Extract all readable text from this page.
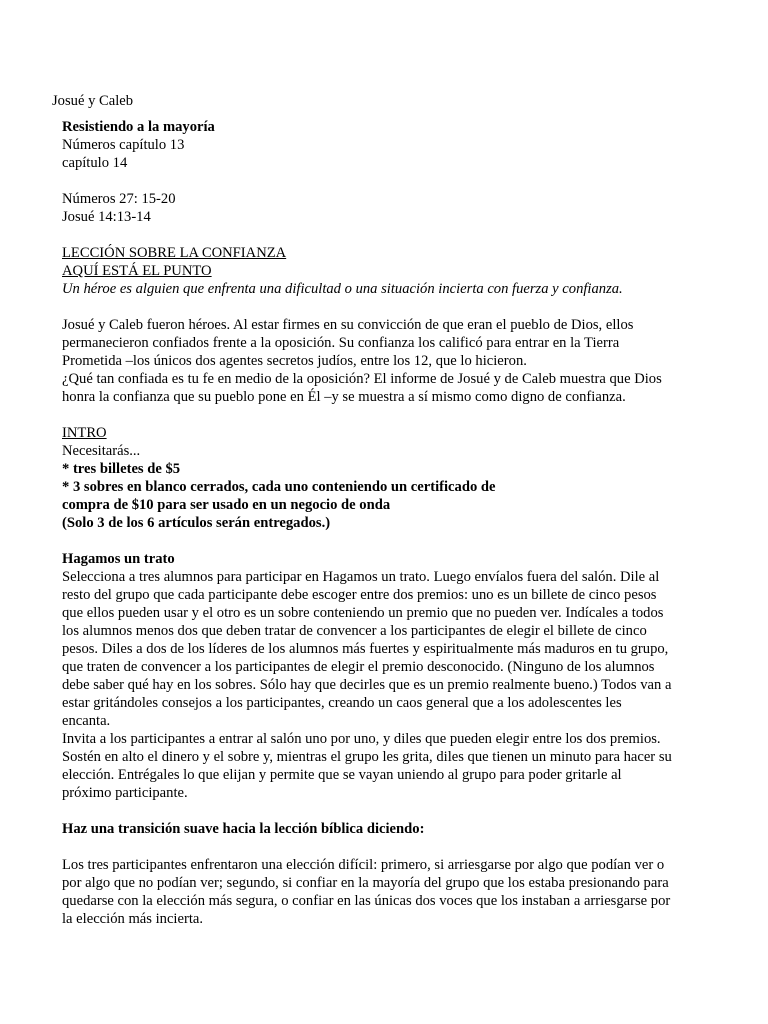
Josué y Caleb

Resistiendo a la mayoría
Números capítulo 13
capítulo 14
Números 27: 15-20
Josué 14:13-14
LECCIÓN SOBRE LA CONFIANZA
AQUÍ ESTÁ EL PUNTO
Un héroe es alguien que enfrenta una dificultad o una situación incierta con fuerza y confianza.
Josué y Caleb fueron héroes. Al estar firmes en su convicción de que eran el pueblo de Dios, ellos
permanecieron confiados frente a la oposición. Su confianza los calificó para entrar en la Tierra
Prometida –los únicos dos agentes secretos judíos, entre los 12, que lo hicieron.
¿Qué tan confiada es tu fe en medio de la oposición? El informe de Josué y de Caleb muestra que Dios
honra la confianza que su pueblo pone en Él –y se muestra a sí mismo como digno de confianza.
INTRO
Necesitarás...
* tres billetes de $5
* 3 sobres en blanco cerrados, cada uno conteniendo un certificado de
compra de $10 para ser usado en un negocio de onda
(Solo 3 de los 6 artículos serán entregados.)
Hagamos un trato
Selecciona a tres alumnos para participar en Hagamos un trato. Luego envíalos fuera del salón. Dile al
resto del grupo que cada participante debe escoger entre dos premios: uno es un billete de cinco pesos
que ellos pueden usar y el otro es un sobre conteniendo un premio que no pueden ver. Indícales a todos
los alumnos menos dos que deben tratar de convencer a los participantes de elegir el billete de cinco
pesos. Diles a dos de los líderes de los alumnos más fuertes y espiritualmente más maduros en tu grupo,
que traten de convencer a los participantes de elegir el premio desconocido. (Ninguno de los alumnos
debe saber qué hay en los sobres. Sólo hay que decirles que es un premio realmente bueno.) Todos van a
estar gritándoles consejos a los participantes, creando un caos general que a los adolescentes les
encanta.
Invita a los participantes a entrar al salón uno por uno, y diles que pueden elegir entre los dos premios.
Sostén en alto el dinero y el sobre y, mientras el grupo les grita, diles que tienen un minuto para hacer su
elección. Entrégales lo que elijan y permite que se vayan uniendo al grupo para poder gritarle al
próximo participante.
Haz una transición suave hacia la lección bíblica diciendo:
Los tres participantes enfrentaron una elección difícil: primero, si arriesgarse por algo que podían ver o
por algo que no podían ver; segundo, si confiar en la mayoría del grupo que los estaba presionando para
quedarse con la elección más segura, o confiar en las únicas dos voces que los instaban a arriesgarse por
la elección más incierta.
